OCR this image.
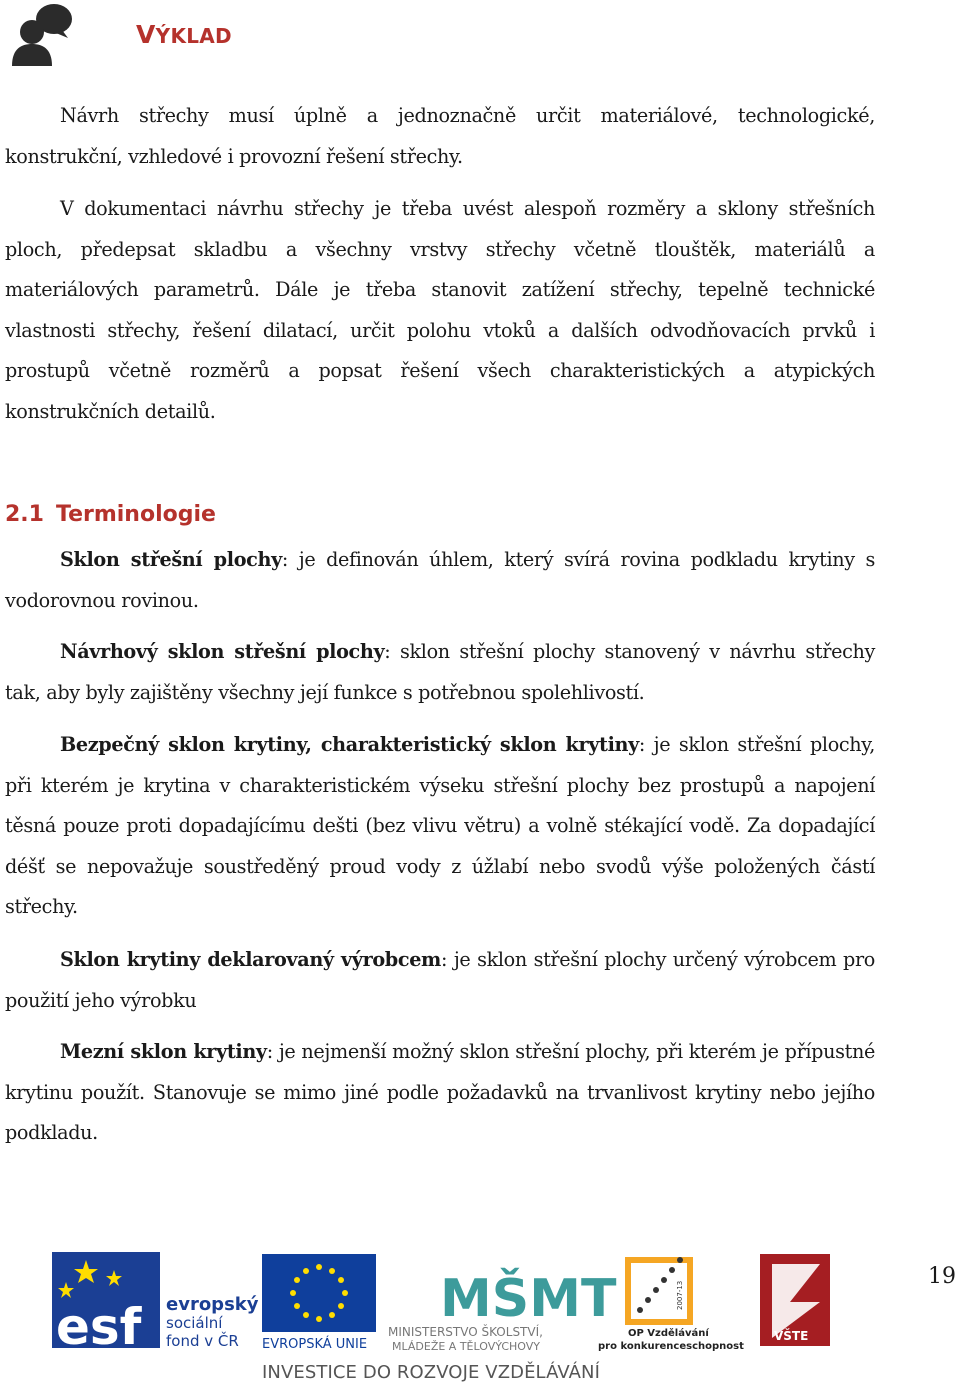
VÝKLAD

Návrh střechy musí úplně a jednoznačně určit materiálové, technologické, konstrukční, vzhledové i provozní řešení střechy.

V dokumentaci návrhu střechy je třeba uvést alespoň rozměry a sklony střešních ploch, předepsat skladbu a všechny vrstvy střechy včetně tlouštěk, materiálů a materiálových parametrů. Dále je třeba stanovit zatížení střechy, tepelně technické vlastnosti střechy, řešení dilatací, určit polohu vtoků a dalších odvodňovacích prvků i prostupů včetně rozměrů a popsat řešení všech charakteristických a atypických konstrukčních detailů.

2.1 Terminologie

Sklon střešní plochy: je definován úhlem, který svírá rovina podkladu krytiny s vodorovnou rovinou.

Návrhový sklon střešní plochy: sklon střešní plochy stanovený v návrhu střechy tak, aby byly zajištěny všechny její funkce s potřebnou spolehlivostí.

Bezpečný sklon krytiny, charakteristický sklon krytiny: je sklon střešní plochy, při kterém je krytina v charakteristickém výseku střešní plochy bez prostupů a napojení těsná pouze proti dopadajícímu dešti (bez vlivu větru) a volně stékající vodě. Za dopadající déšť se nepovažuje soustředěný proud vody z úžlabí nebo svodů výše položených částí střechy.

Sklon krytiny deklarovaný výrobcem: je sklon střešní plochy určený výrobcem pro použití jeho výrobku

Mezní sklon krytiny: je nejmenší možný sklon střešní plochy, při kterém je přípustné krytinu použít. Stanovuje se mimo jiné podle požadavků na trvanlivost krytiny nebo jejího podkladu.

19
esf evropský
sociální
fond v ČR EVROPSKÁ UNIE
MŠMT
MINISTERSTVO ŠKOLSTVÍ,
MLÁDEŽE A TĚLOVÝCHOVY
2007-13
OP Vzdělávání
pro konkurenceschopnost
VŠTE
INVESTICE DO ROZVOJE VZDĚLÁVÁNÍ
